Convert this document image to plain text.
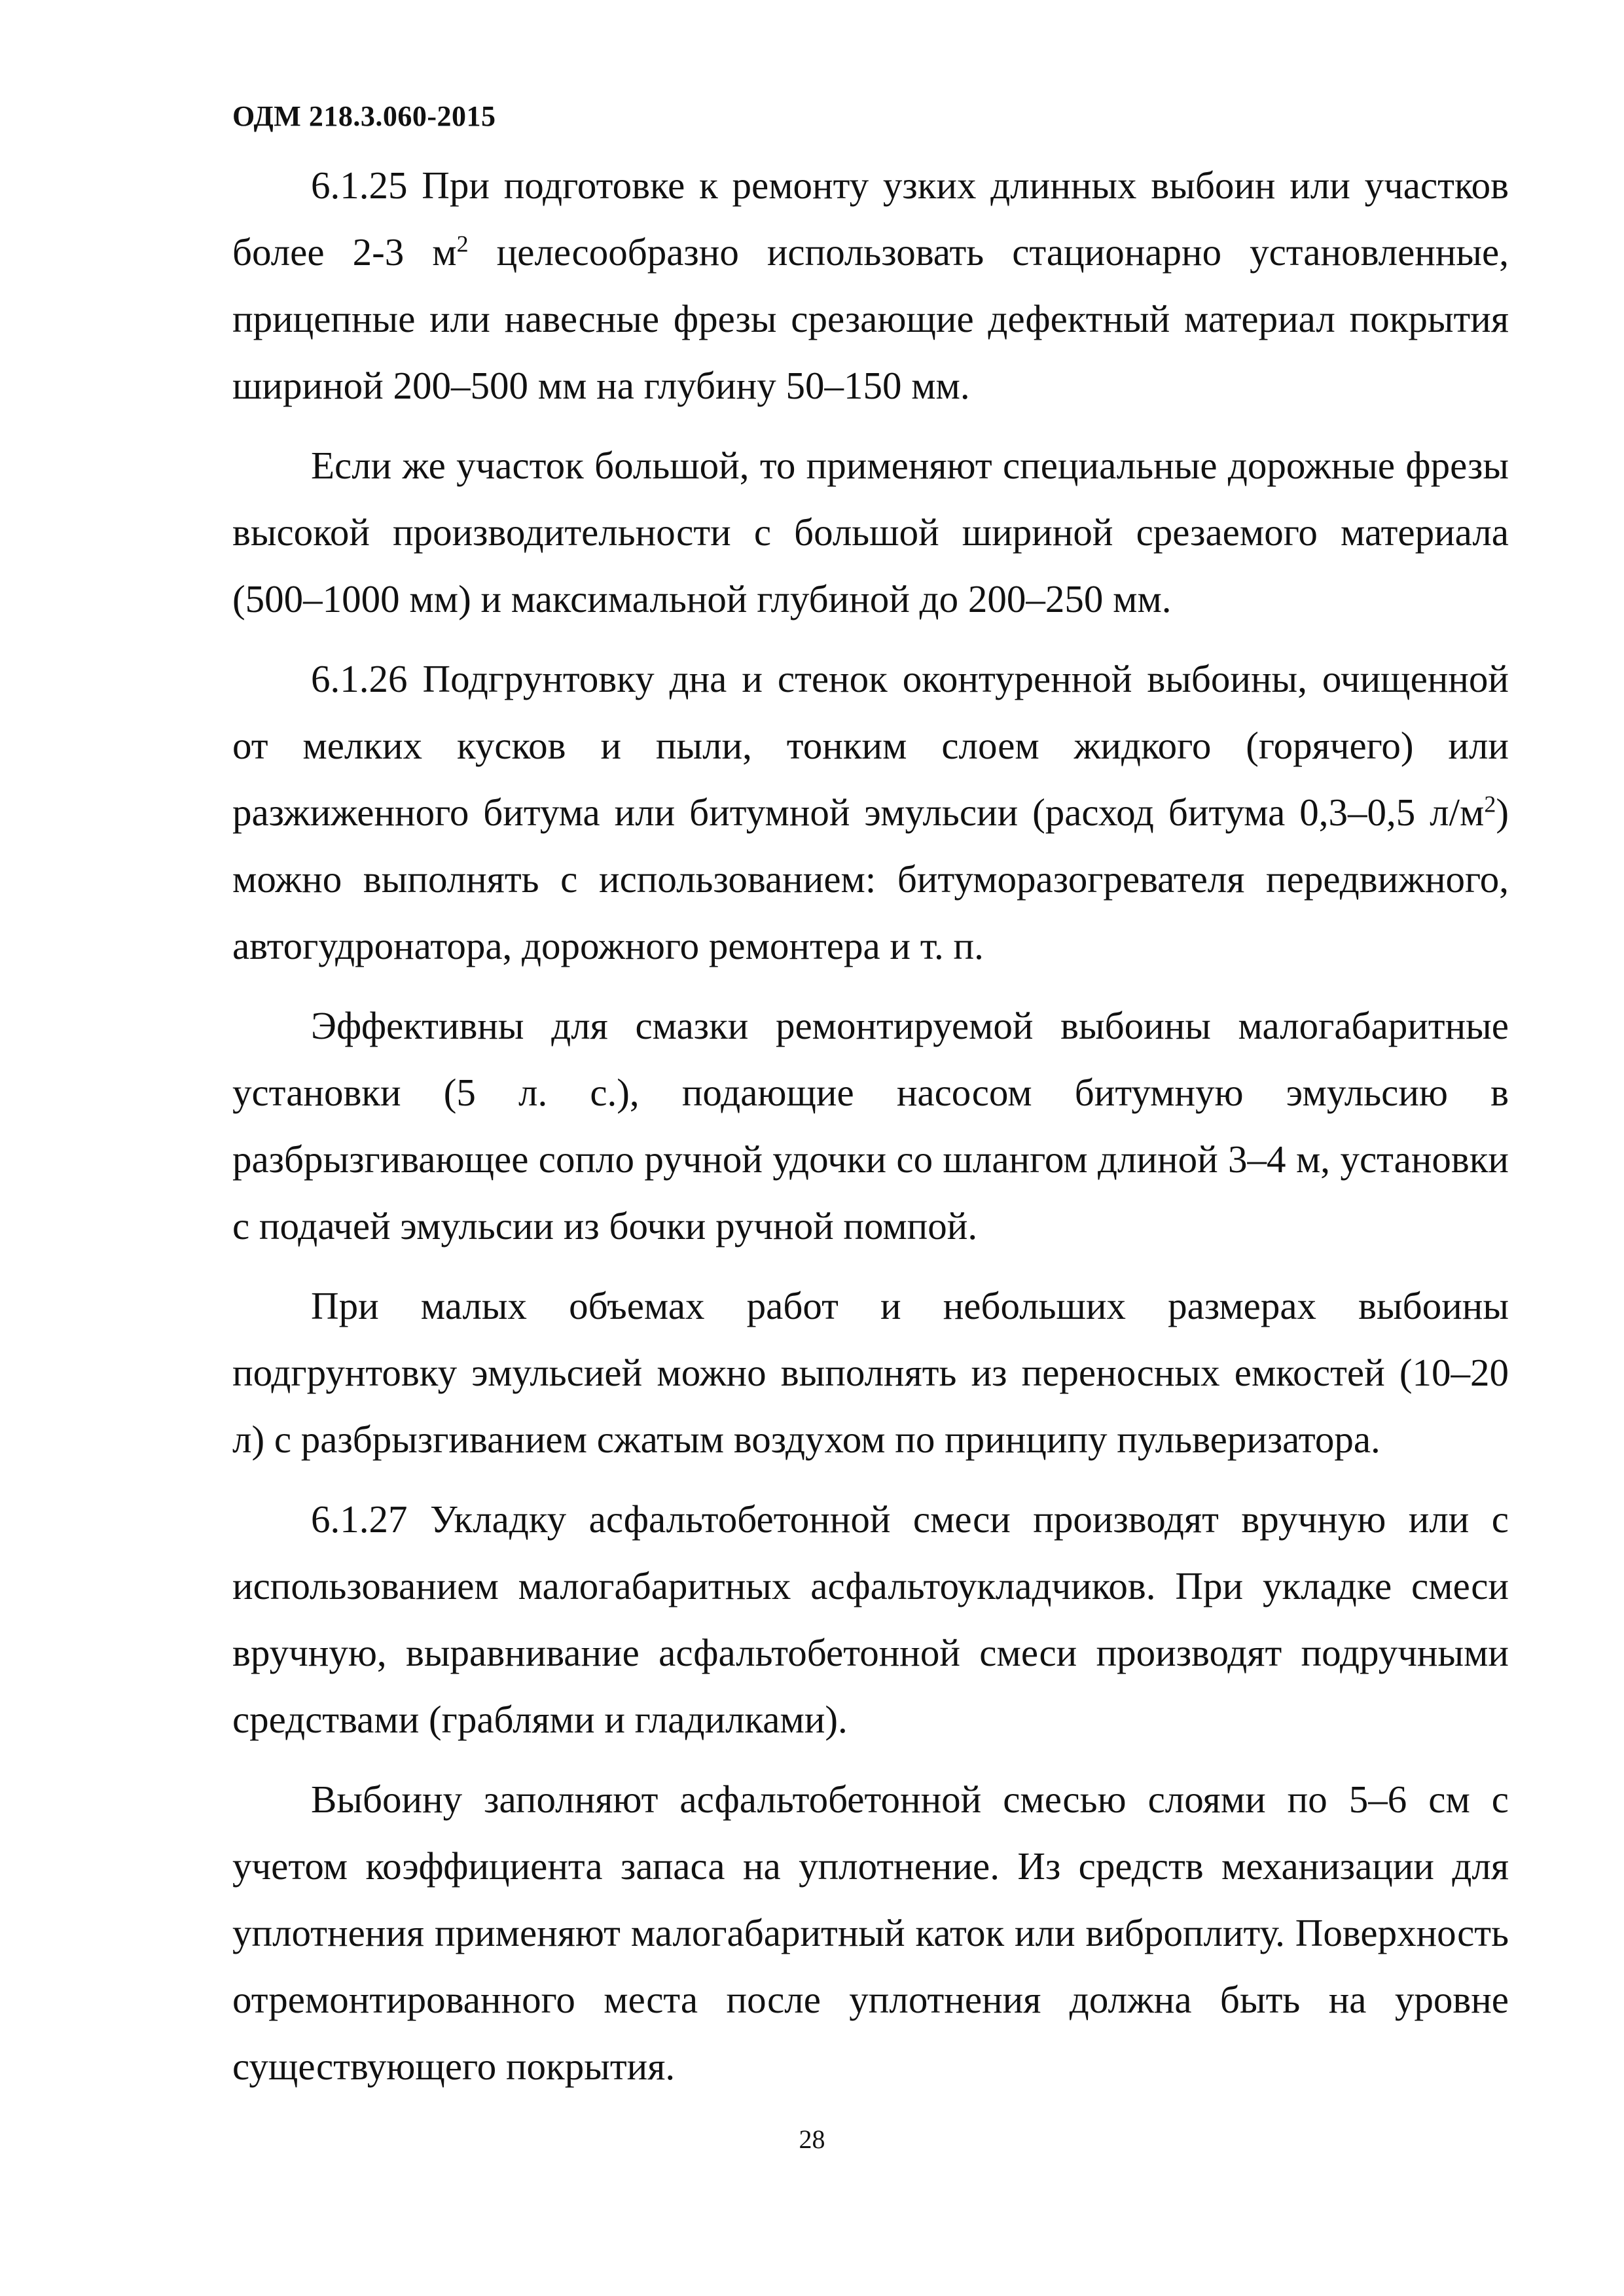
ОДМ 218.3.060-2015

6.1.25 При подготовке к ремонту узких длинных выбоин или участков более 2-3 $м^2$ целесообразно использовать стационарно установленные, прицепные или навесные фрезы срезающие дефектный материал покрытия шириной 200–500 мм на глубину 50–150 мм.

Если же участок большой, то применяют специальные дорожные фрезы высокой производительности с большой шириной срезаемого материала (500–1000 мм) и максимальной глубиной до 200–250 мм.

6.1.26 Подгрунтовку дна и стенок оконтуренной выбоины, очищенной от мелких кусков и пыли, тонким слоем жидкого (горячего) или разжиженного битума или битумной эмульсии (расход битума 0,3–0,5 $л/м^2$) можно выполнять с использованием: битуморазогревателя передвижного, автогудронатора, дорожного ремонтера и т. п.

Эффективны для смазки ремонтируемой выбоины малогабаритные установки (5 л. с.), подающие насосом битумную эмульсию в разбрызгивающее сопло ручной удочки со шлангом длиной 3–4 м, установки с подачей эмульсии из бочки ручной помпой.

При малых объемах работ и небольших размерах выбоины подгрунтовку эмульсией можно выполнять из переносных емкостей (10–20 л) с разбрызгиванием сжатым воздухом по принципу пульверизатора.

6.1.27 Укладку асфальтобетонной смеси производят вручную или с использованием малогабаритных асфальтоукладчиков. При укладке смеси вручную, выравнивание асфальтобетонной смеси производят подручными средствами (граблями и гладилками).

Выбоину заполняют асфальтобетонной смесью слоями по 5–6 см с учетом коэффициента запаса на уплотнение. Из средств механизации для уплотнения применяют малогабаритный каток или виброплиту. Поверхность отремонтированного места после уплотнения должна быть на уровне существующего покрытия.

28
